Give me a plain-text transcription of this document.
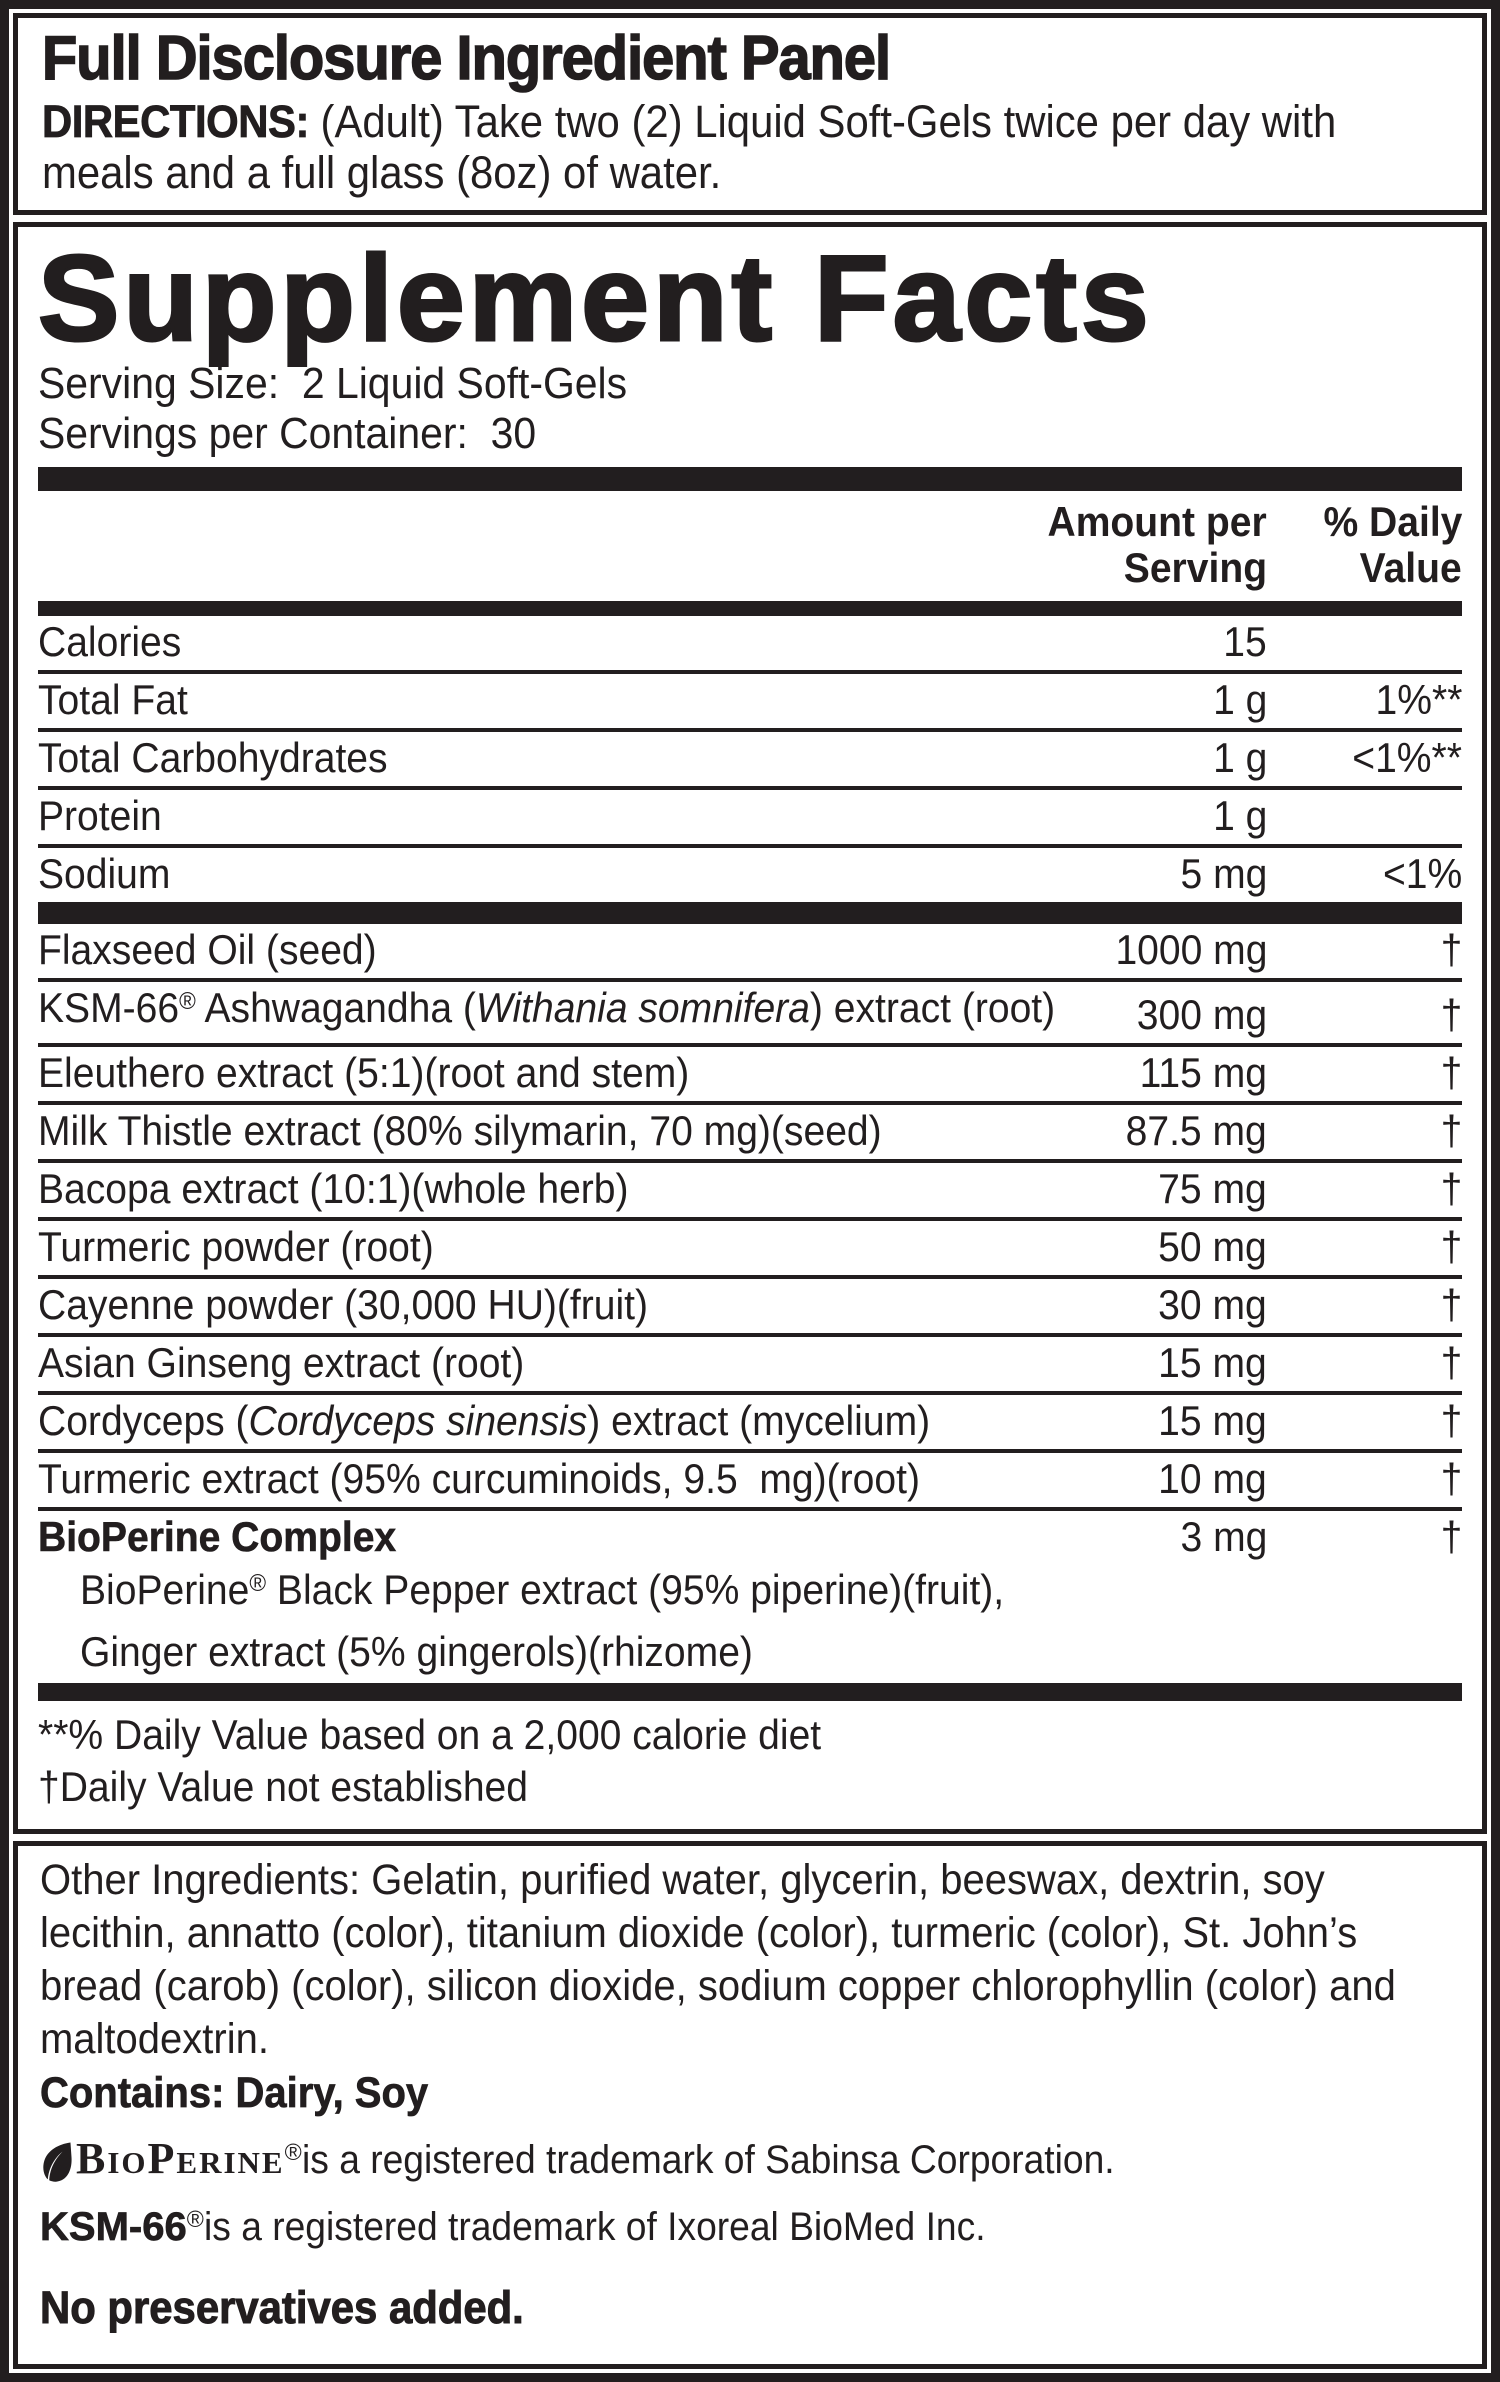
Full Disclosure Ingredient Panel
DIRECTIONS: (Adult) Take two (2) Liquid Soft-Gels twice per day with meals and a full glass (8oz) of water.
Supplement Facts
Serving Size: 2 Liquid Soft-Gels
Servings per Container: 30
Amount per
Serving
% Daily
Value
Calories	15
Total Fat	1 g	1%**
Total Carbohydrates	1 g	<1%**
Protein	1 g
Sodium	5 mg	<1%
Flaxseed Oil (seed)	1000 mg	†
KSM-66® Ashwagandha (Withania somnifera) extract (root)	300 mg	†
Eleuthero extract (5:1)(root and stem)	115 mg	†
Milk Thistle extract (80% silymarin, 70 mg)(seed)	87.5 mg	†
Bacopa extract (10:1)(whole herb)	75 mg	†
Turmeric powder (root)	50 mg	†
Cayenne powder (30,000 HU)(fruit)	30 mg	†
Asian Ginseng extract (root)	15 mg	†
Cordyceps (Cordyceps sinensis) extract (mycelium)	15 mg	†
Turmeric extract (95% curcuminoids, 9.5  mg)(root)	10 mg	†
BioPerine Complex	3 mg	†
BioPerine® Black Pepper extract (95% piperine)(fruit),
Ginger extract (5% gingerols)(rhizome)
**% Daily Value based on a 2,000 calorie diet
†Daily Value not established
Other Ingredients: Gelatin, purified water, glycerin, beeswax, dextrin, soy lecithin, annatto (color), titanium dioxide (color), turmeric (color), St. John’s bread (carob) (color), silicon dioxide, sodium copper chlorophyllin (color) and maltodextrin.
Contains: Dairy, Soy
BioPerine®is a registered trademark of Sabinsa Corporation.
KSM-66®is a registered trademark of Ixoreal BioMed Inc.
No preservatives added.
